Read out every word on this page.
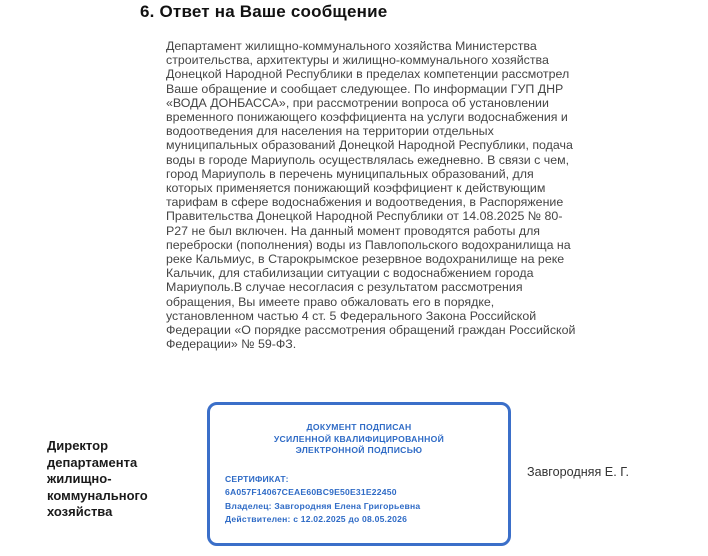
6. Ответ на Ваше сообщение
Департамент жилищно-коммунального хозяйства Министерства
строительства, архитектуры и жилищно-коммунального хозяйства
Донецкой Народной Республики в пределах компетенции рассмотрел
Ваше обращение и сообщает следующее. По информации ГУП ДНР
«ВОДА ДОНБАССА», при рассмотрении вопроса об установлении
временного понижающего коэффициента на услуги водоснабжения и
водоотведения для населения на территории отдельных
муниципальных образований Донецкой Народной Республики, подача
воды в городе Мариуполь осуществлялась ежедневно. В связи с чем,
город Мариуполь в перечень муниципальных образований, для
которых применяется понижающий коэффициент к действующим
тарифам в сфере водоснабжения и водоотведения, в Распоряжение
Правительства Донецкой Народной Республики от 14.08.2025 № 80-
Р27 не был включен. На данный момент проводятся работы для
переброски (пополнения) воды из Павлопольского водохранилища на
реке Кальмиус, в Старокрымское резервное водохранилище на реке
Кальчик, для стабилизации ситуации с водоснабжением города
Мариуполь.В случае несогласия с результатом рассмотрения
обращения, Вы имеете право обжаловать его в порядке,
установленном частью 4 ст. 5 Федерального Закона Российской
Федерации «О порядке рассмотрения обращений граждан Российской
Федерации» № 59-ФЗ.
Директор
департамента
жилищно-
коммунального
хозяйства
ДОКУМЕНТ ПОДПИСАН
УСИЛЕННОЙ КВАЛИФИЦИРОВАННОЙ
ЭЛЕКТРОННОЙ ПОДПИСЬЮ
СЕРТИФИКАТ:
6A057F14067CEAE60BC9E50E31E22450
Владелец: Завгородняя Елена Григорьевна
Действителен: с 12.02.2025 до 08.05.2026
Завгородняя Е. Г.
